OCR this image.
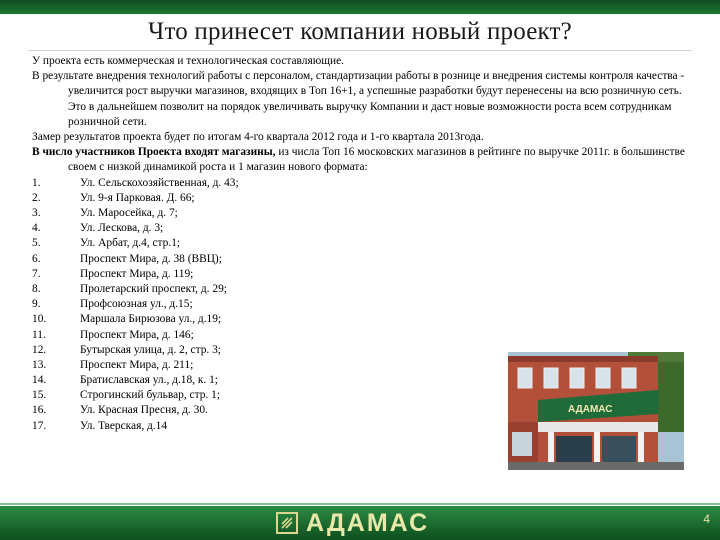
Что принесет компании новый проект?

У проекта есть коммерческая и технологическая составляющие.

В результате внедрения технологий работы с персоналом, стандартизации работы в рознице и внедрения системы контроля качества - увеличится рост выручки магазинов, входящих в Топ 16+1, а успешные разработки будут перенесены на всю розничную сеть. Это в дальнейшем позволит на порядок увеличивать выручку Компании и даст новые возможности роста всем сотрудникам розничной сети.

Замер результатов проекта будет по итогам 4-го квартала 2012 года и 1-го квартала 2013года.

В число участников Проекта входят магазины, из числа Топ 16 московских магазинов в рейтинге по выручке 2011г. в большинстве своем с низкой динамикой роста и 1 магазин нового формата:

1.	Ул. Сельскохозяйственная, д. 43;
2.	Ул. 9-я Парковая. Д. 66;
3.	Ул. Маросейка, д. 7;
4.	Ул. Лескова, д. 3;
5.	Ул. Арбат, д.4, стр.1;
6.	Проспект Мира, д. 38 (ВВЦ);
7.	Проспект Мира, д. 119;
8.	Пролетарский проспект, д. 29;
9.	Профсоюзная ул., д.15;
10.	Маршала Бирюзова ул., д.19;
11.	Проспект Мира, д. 146;
12.	Бутырская улица, д. 2, стр. 3;
13.	Проспект Мира, д. 211;
14.	Братиславская ул., д.18, к. 1;
15.	Строгинский бульвар, стр. 1;
16.	Ул. Красная Пресня, д. 30.
17.	Ул. Тверская, д.14
АДАМАС
АДАМАС	4
